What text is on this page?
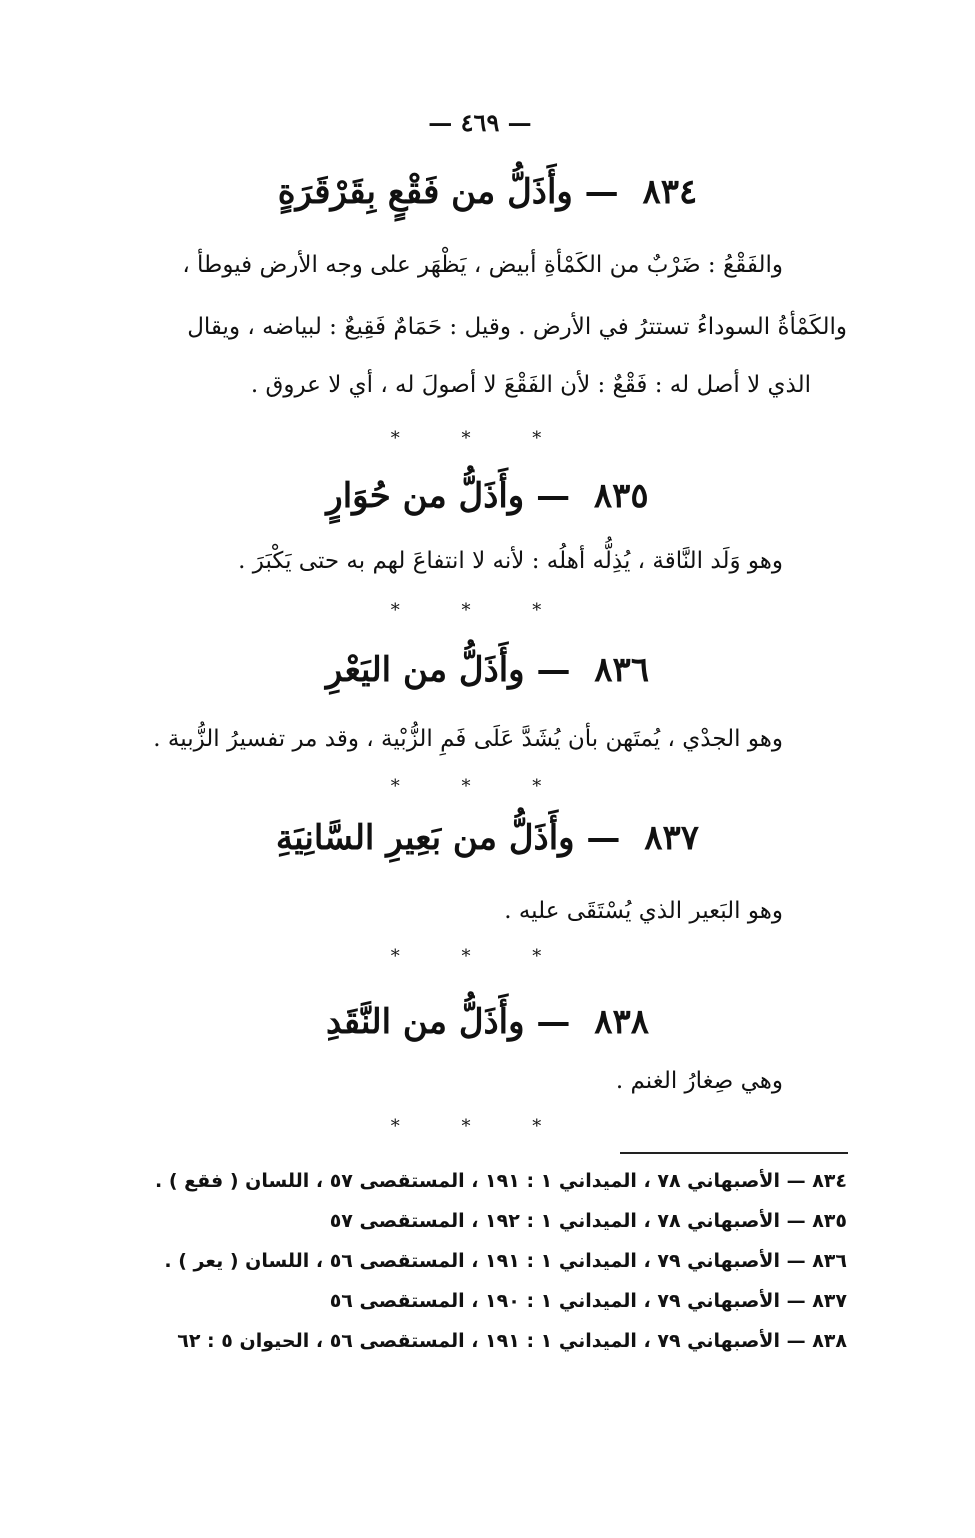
— ٤٦٩ —
٨٣٤ — وأَذَلُّ من فَقْعٍ بِقَرْقَرَةٍ
والفَقْعُ : ضَرْبٌ من الكَمْأةِ أبيض ، يَظْهَر على وجه الأرض فيوطأ ،
والكَمْأةُ السوداءُ تستترُ في الأرض . وقيل : حَمَامٌ فَقِيعٌ : لبياضه ، ويقال
الذي لا أصل له : فَقْعٌ : لأن الفَقْعَ لا أصولَ له ، أي لا عروق .
* * *
٨٣٥ — وأَذَلُّ من حُوَارٍ
وهو وَلَد النَّاقة ، يُذِلُّه أهلُه : لأنه لا انتفاعَ لهم به حتى يَكْبَرَ .
* * *
٨٣٦ — وأَذَلُّ من اليَعْرِ
وهو الجدْي ، يُمتَهن بأن يُشَدَّ عَلَى فَمِ الزُّبْية ، وقد مر تفسيرُ الزُّبية .
* * *
٨٣٧ — وأَذَلُّ من بَعِيرِ السَّانِيَةِ
وهو البَعير الذي يُسْتَقَى عليه .
* * *
٨٣٨ — وأَذَلُّ من النَّقَدِ
وهي صِغارُ الغنم .
* * *
٨٣٤ — الأصبهاني ٧٨ ، الميداني ١ : ١٩١ ، المستقصى ٥٧ ، اللسان ( فقع ) .
٨٣٥ — الأصبهاني ٧٨ ، الميداني ١ : ١٩٢ ، المستقصى ٥٧
٨٣٦ — الأصبهاني ٧٩ ، الميداني ١ : ١٩١ ، المستقصى ٥٦ ، اللسان ( يعر ) .
٨٣٧ — الأصبهاني ٧٩ ، الميداني ١ : ١٩٠ ، المستقصى ٥٦
٨٣٨ — الأصبهاني ٧٩ ، الميداني ١ : ١٩١ ، المستقصى ٥٦ ، الحيوان ٥ : ٦٢
